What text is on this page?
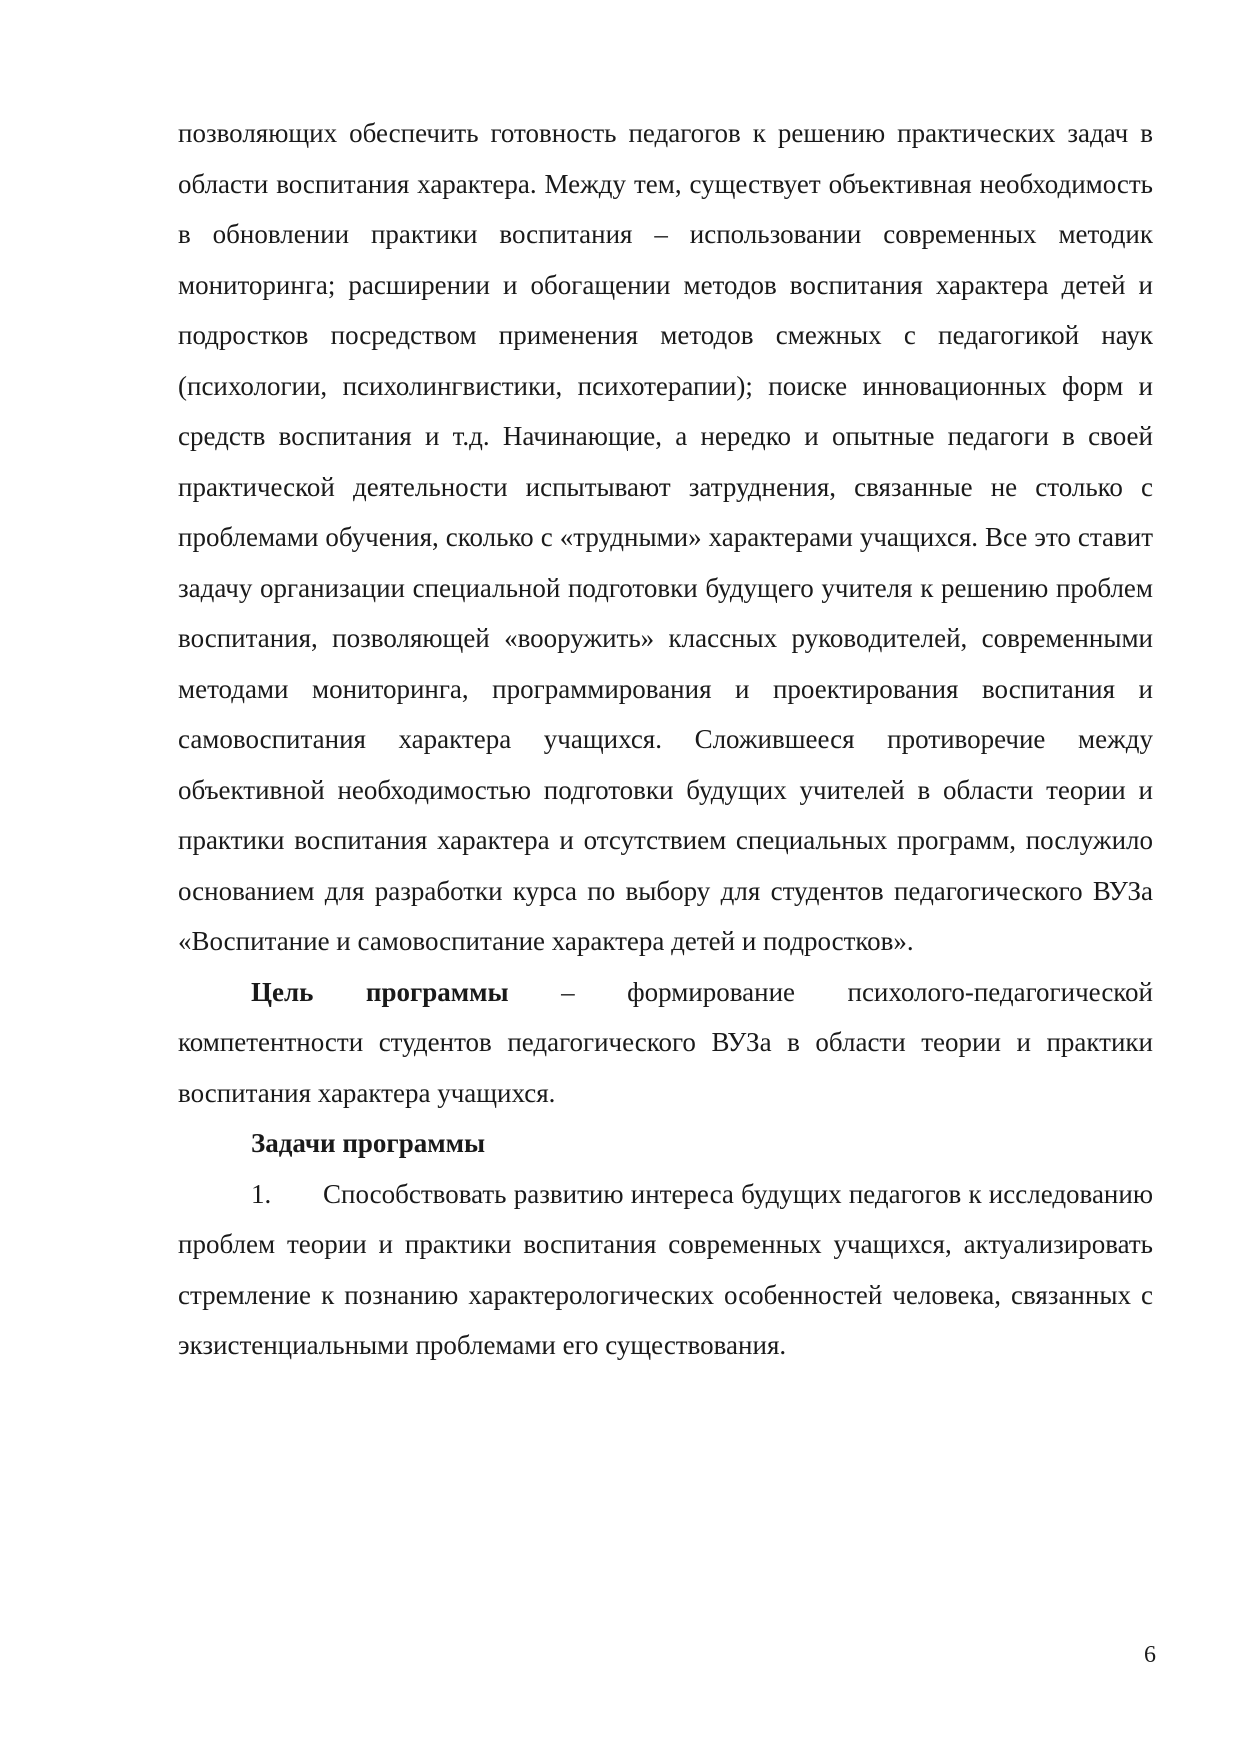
позволяющих обеспечить готовность педагогов к решению практических задач в области воспитания характера. Между тем, существует объективная необходимость в обновлении практики воспитания – использовании современных методик мониторинга; расширении и обогащении методов воспитания характера детей и подростков посредством применения методов смежных с педагогикой наук (психологии, психолингвистики, психотерапии); поиске инновационных форм и средств воспитания и т.д. Начинающие, а нередко и опытные педагоги в своей практической деятельности испытывают затруднения, связанные не столько с проблемами обучения, сколько с «трудными» характерами учащихся. Все это ставит задачу организации специальной подготовки будущего учителя к решению проблем воспитания, позволяющей «вооружить» классных руководителей, современными методами мониторинга, программирования и проектирования воспитания и самовоспитания характера учащихся. Сложившееся противоречие между объективной необходимостью подготовки будущих учителей в области теории и практики воспитания характера и отсутствием специальных программ, послужило основанием для разработки курса по выбору для студентов педагогического ВУЗа «Воспитание и самовоспитание характера детей и подростков».

Цель программы – формирование психолого-педагогической компетентности студентов педагогического ВУЗа в области теории и практики воспитания характера учащихся.

Задачи программы

1. Способствовать развитию интереса будущих педагогов к исследованию проблем теории и практики воспитания современных учащихся, актуализировать стремление к познанию характерологических особенностей человека, связанных с экзистенциальными проблемами его существования.

6
